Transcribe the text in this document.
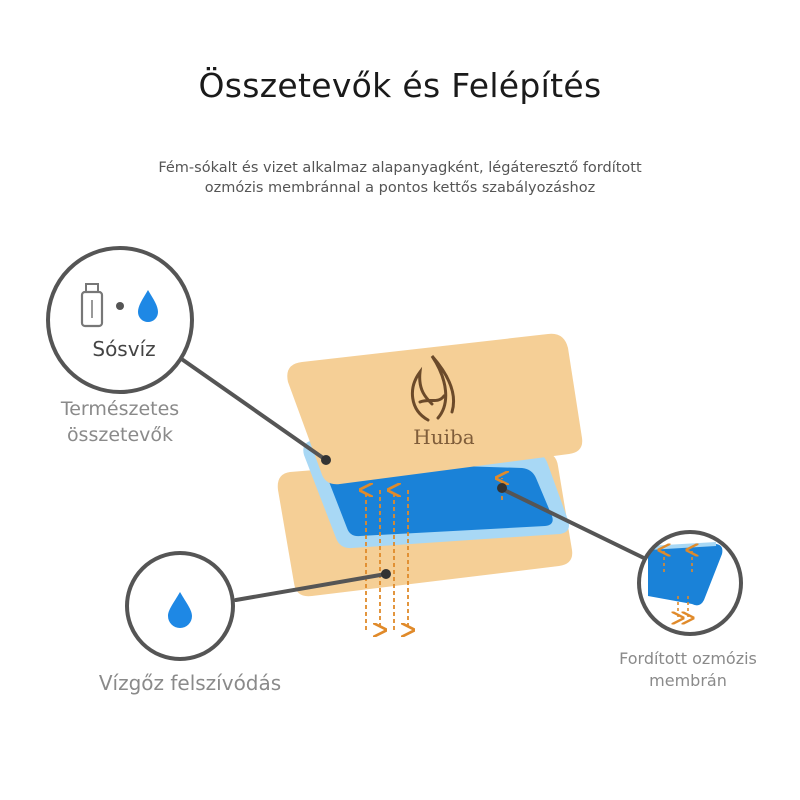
Összetevők és Felépítés
Fém-sókalt és vizet alkalmaz alapanyagként, légáteresztő fordított
ozmózis membránnal a pontos kettős szabályozáshoz
Huiba
Sósvíz
Természetes
összetevők
Vízgőz felszívódás
Fordított ozmózis
membrán
